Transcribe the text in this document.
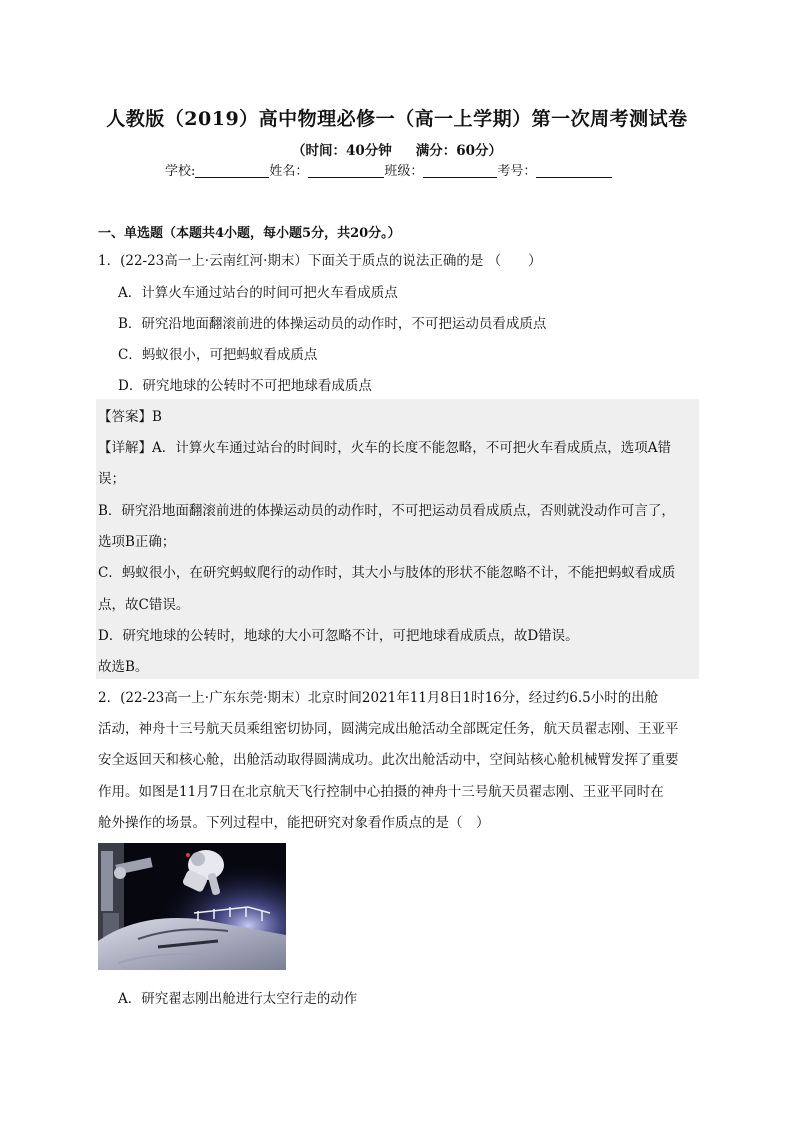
人教版（2019）高中物理必修一（高一上学期）第一次周考测试卷
（时间：40分钟 满分：60分）
学校:	姓名：	班级：	考号：
一、单选题（本题共4小题，每小题5分，共20分。）
1．(22-23高一上·云南红河·期末）下面关于质点的说法正确的是 （　　）
A．计算火车通过站台的时间可把火车看成质点
B．研究沿地面翻滚前进的体操运动员的动作时，不可把运动员看成质点
C．蚂蚁很小，可把蚂蚁看成质点
D．研究地球的公转时不可把地球看成质点
【答案】B
【详解】A．计算火车通过站台的时间时，火车的长度不能忽略，不可把火车看成质点，选项A错
误；
B．研究沿地面翻滚前进的体操运动员的动作时，不可把运动员看成质点，否则就没动作可言了，
选项B正确；
C．蚂蚁很小，在研究蚂蚁爬行的动作时，其大小与肢体的形状不能忽略不计，不能把蚂蚁看成质
点，故C错误。
D．研究地球的公转时，地球的大小可忽略不计，可把地球看成质点，故D错误。
故选B。
2．(22-23高一上·广东东莞·期末）北京时间2021年11月8日1时16分，经过约6.5小时的出舱
活动，神舟十三号航天员乘组密切协同，圆满完成出舱活动全部既定任务，航天员翟志刚、王亚平
安全返回天和核心舱，出舱活动取得圆满成功。此次出舱活动中，空间站核心舱机械臂发挥了重要
作用。如图是11月7日在北京航天飞行控制中心拍摄的神舟十三号航天员翟志刚、王亚平同时在
舱外操作的场景。下列过程中，能把研究对象看作质点的是（　）
A．研究翟志刚出舱进行太空行走的动作
